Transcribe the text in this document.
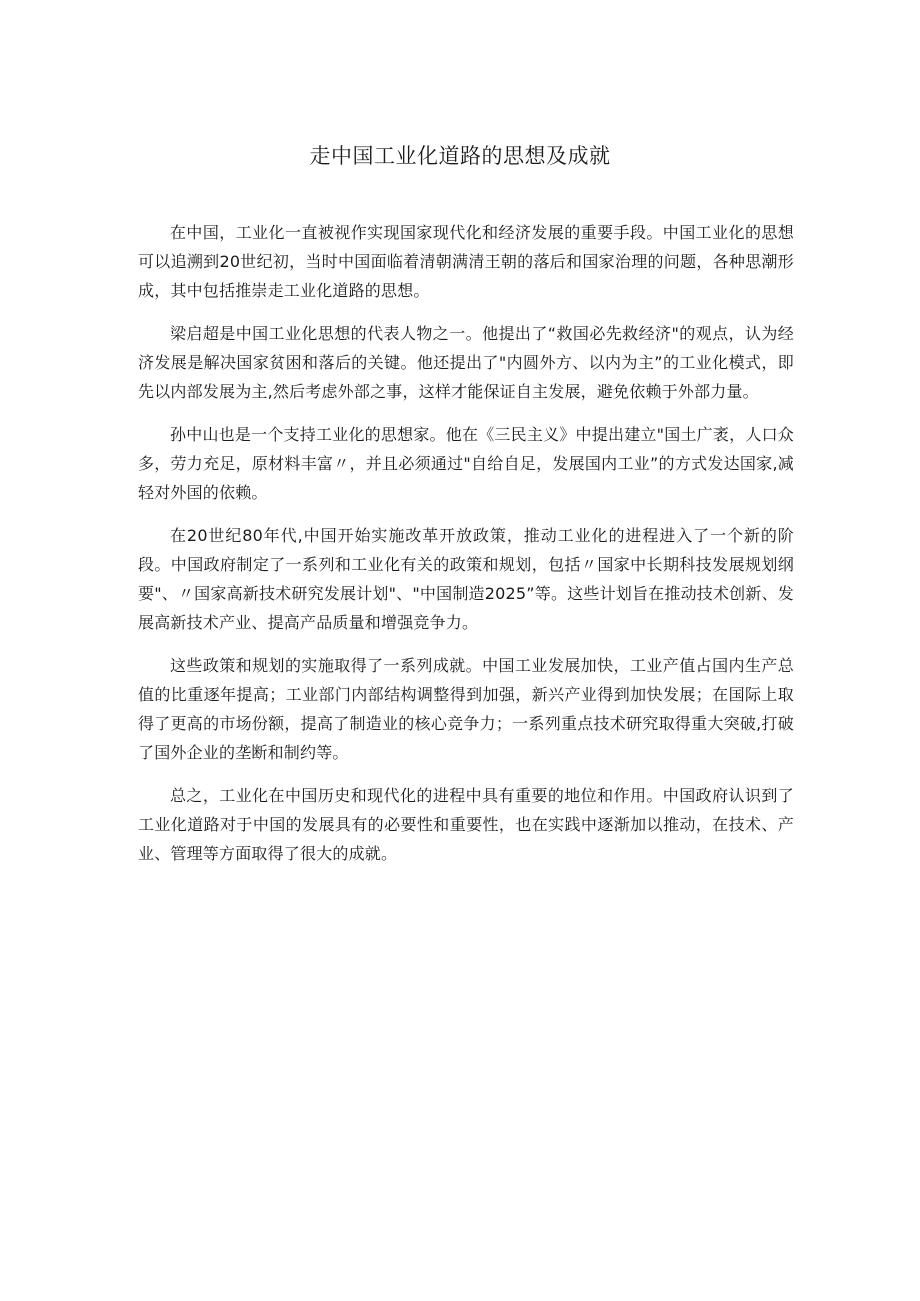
走中国工业化道路的思想及成就

在中国，工业化一直被视作实现国家现代化和经济发展的重要手段。中国工业化的思想可以追溯到20世纪初，当时中国面临着清朝满清王朝的落后和国家治理的问题，各种思潮形成，其中包括推崇走工业化道路的思想。

梁启超是中国工业化思想的代表人物之一。他提出了“救国必先救经济"的观点，认为经济发展是解决国家贫困和落后的关键。他还提出了"内圆外方、以内为主”的工业化模式，即先以内部发展为主,然后考虑外部之事，这样才能保证自主发展，避免依赖于外部力量。

孙中山也是一个支持工业化的思想家。他在《三民主义》中提出建立"国土广袤，人口众多，劳力充足，原材料丰富〃，并且必须通过"自给自足，发展国内工业”的方式发达国家,减轻对外国的依赖。

在20世纪80年代,中国开始实施改革开放政策，推动工业化的进程进入了一个新的阶段。中国政府制定了一系列和工业化有关的政策和规划，包括〃国家中长期科技发展规划纲要"、〃国家高新技术研究发展计划"、"中国制造2025”等。这些计划旨在推动技术创新、发展高新技术产业、提高产品质量和增强竞争力。

这些政策和规划的实施取得了一系列成就。中国工业发展加快，工业产值占国内生产总值的比重逐年提高；工业部门内部结构调整得到加强，新兴产业得到加快发展；在国际上取得了更高的市场份额，提高了制造业的核心竞争力；一系列重点技术研究取得重大突破,打破了国外企业的垄断和制约等。

总之，工业化在中国历史和现代化的进程中具有重要的地位和作用。中国政府认识到了工业化道路对于中国的发展具有的必要性和重要性，也在实践中逐渐加以推动，在技术、产业、管理等方面取得了很大的成就。
